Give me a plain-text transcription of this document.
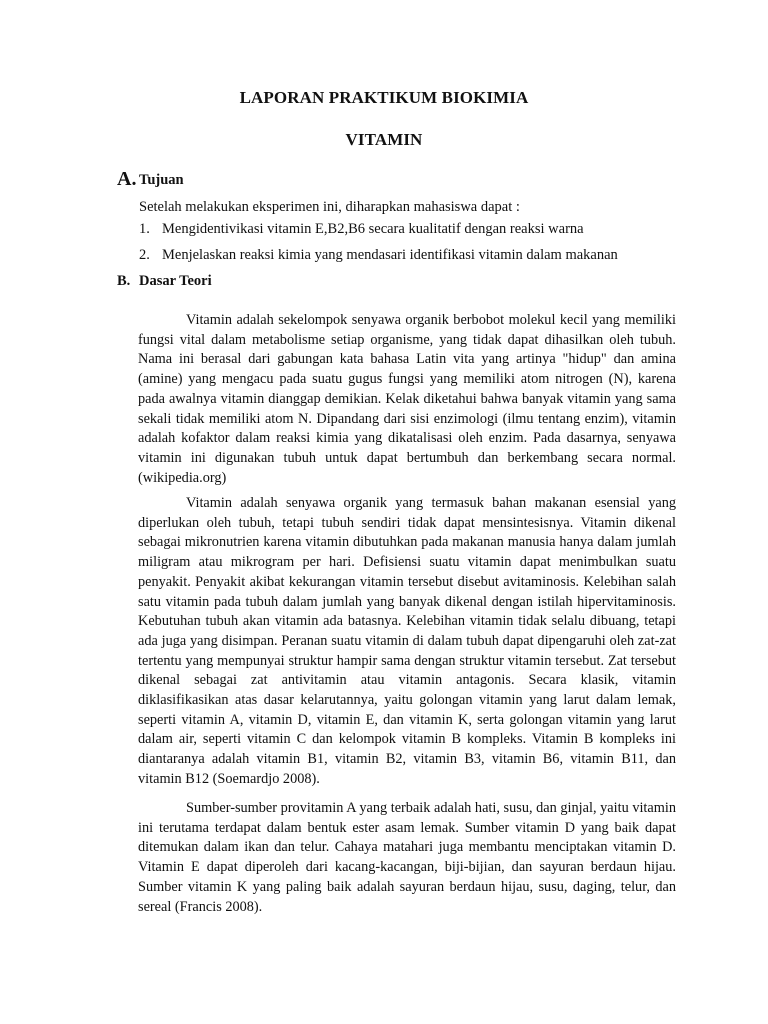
LAPORAN PRAKTIKUM BIOKIMIA
VITAMIN
A. Tujuan
Setelah melakukan eksperimen ini, diharapkan mahasiswa dapat :
1. Mengidentivikasi vitamin E,B2,B6 secara kualitatif dengan reaksi warna
2. Menjelaskan reaksi kimia yang mendasari identifikasi vitamin dalam makanan
B. Dasar Teori

Vitamin adalah sekelompok senyawa organik berbobot molekul kecil yang memiliki fungsi vital dalam metabolisme setiap organisme, yang tidak dapat dihasilkan oleh tubuh. Nama ini berasal dari gabungan kata bahasa Latin vita yang artinya "hidup" dan amina (amine) yang mengacu pada suatu gugus fungsi yang memiliki atom nitrogen (N), karena pada awalnya vitamin dianggap demikian. Kelak diketahui bahwa banyak vitamin yang sama sekali tidak memiliki atom N. Dipandang dari sisi enzimologi (ilmu tentang enzim), vitamin adalah kofaktor dalam reaksi kimia yang dikatalisasi oleh enzim. Pada dasarnya, senyawa vitamin ini digunakan tubuh untuk dapat bertumbuh dan berkembang secara normal. (wikipedia.org)

Vitamin adalah senyawa organik yang termasuk bahan makanan esensial yang diperlukan oleh tubuh, tetapi tubuh sendiri tidak dapat mensintesisnya. Vitamin dikenal sebagai mikronutrien karena vitamin dibutuhkan pada makanan manusia hanya dalam jumlah miligram atau mikrogram per hari. Defisiensi suatu vitamin dapat menimbulkan suatu penyakit. Penyakit akibat kekurangan vitamin tersebut disebut avitaminosis. Kelebihan salah satu vitamin pada tubuh dalam jumlah yang banyak dikenal dengan istilah hipervitaminosis. Kebutuhan tubuh akan vitamin ada batasnya. Kelebihan vitamin tidak selalu dibuang, tetapi ada juga yang disimpan. Peranan suatu vitamin di dalam tubuh dapat dipengaruhi oleh zat-zat tertentu yang mempunyai struktur hampir sama dengan struktur vitamin tersebut. Zat tersebut dikenal sebagai zat antivitamin atau vitamin antagonis. Secara klasik, vitamin diklasifikasikan atas dasar kelarutannya, yaitu golongan vitamin yang larut dalam lemak, seperti vitamin A, vitamin D, vitamin E, dan vitamin K, serta golongan vitamin yang larut dalam air, seperti vitamin C dan kelompok vitamin B kompleks. Vitamin B kompleks ini diantaranya adalah vitamin B1, vitamin B2, vitamin B3, vitamin B6, vitamin B11, dan vitamin B12 (Soemardjo 2008).

Sumber-sumber provitamin A yang terbaik adalah hati, susu, dan ginjal, yaitu vitamin ini terutama terdapat dalam bentuk ester asam lemak. Sumber vitamin D yang baik dapat ditemukan dalam ikan dan telur. Cahaya matahari juga membantu menciptakan vitamin D. Vitamin E dapat diperoleh dari kacang-kacangan, biji-bijian, dan sayuran berdaun hijau. Sumber vitamin K yang paling baik adalah sayuran berdaun hijau, susu, daging, telur, dan sereal (Francis 2008).
